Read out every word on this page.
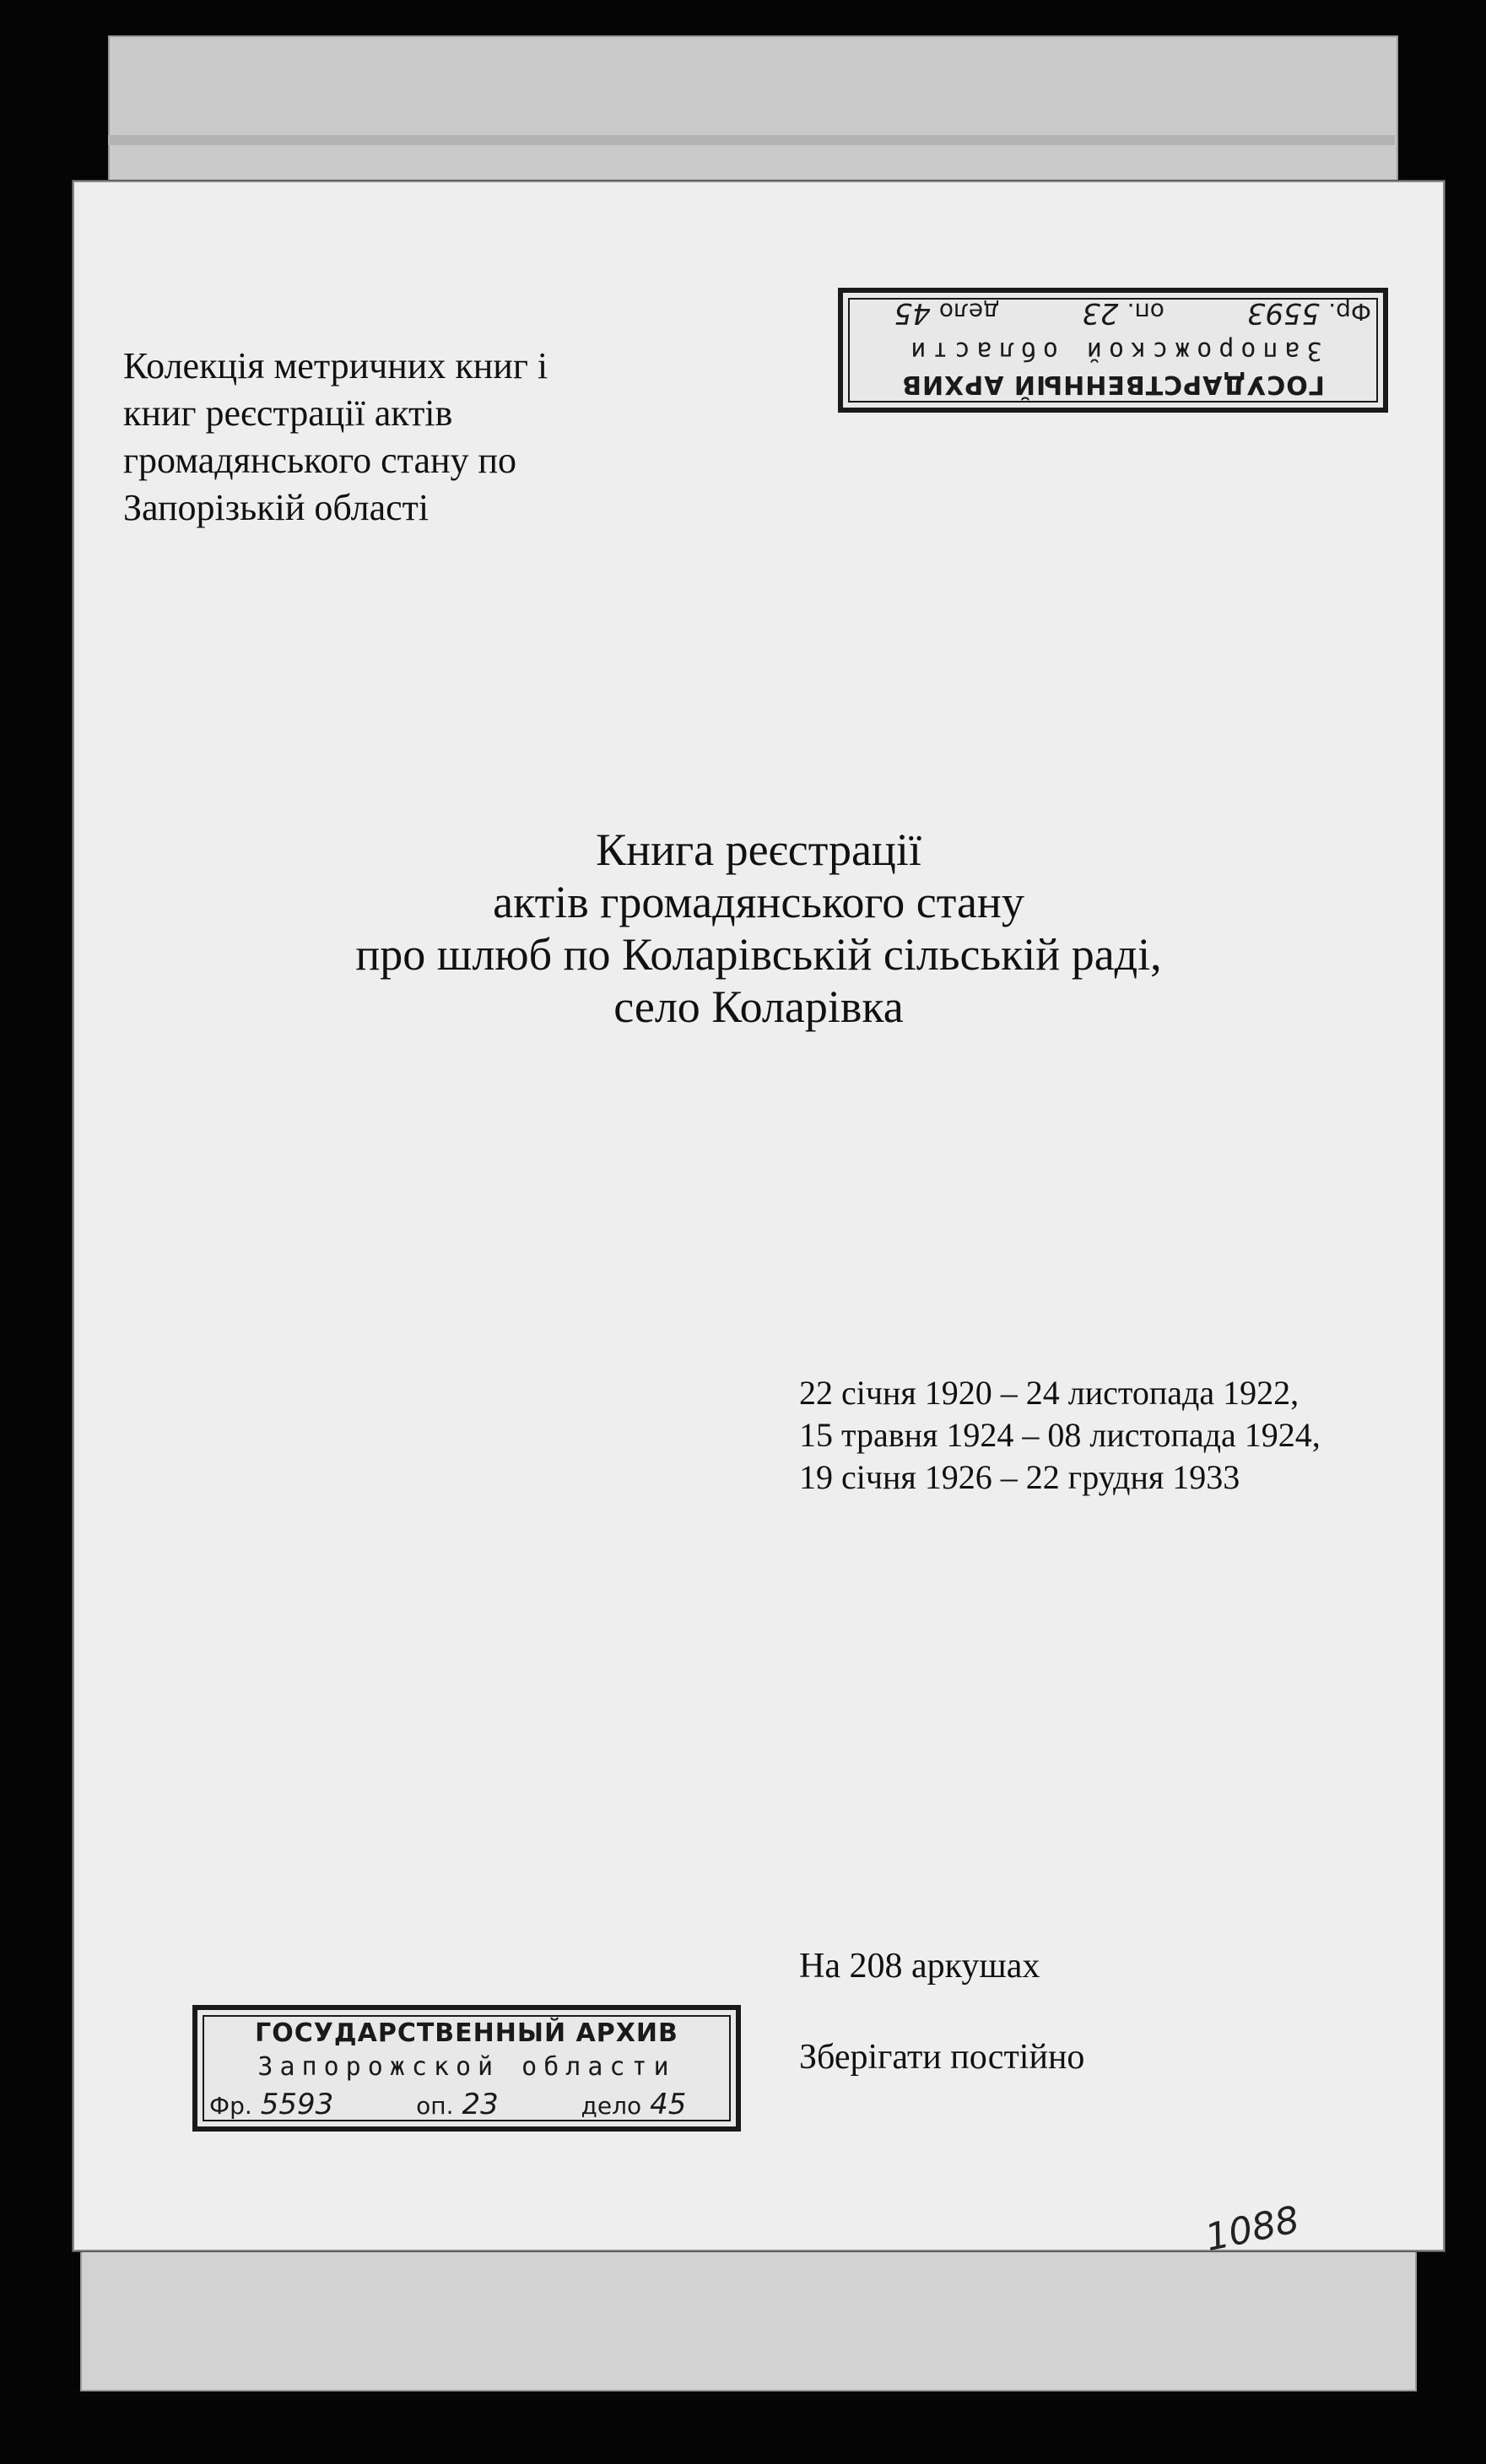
Колекція метричних книг і
книг реєстрації актів
громадянського стану по
Запорізькій області
ГОСУДАРСТВЕННЫЙ АРХИВ
Запорожской области
Фр.5593  оп.23  дело45
Книга реєстрації
актів громадянського стану
про шлюб по Коларівській сільській раді,
село Коларівка
22 січня 1920 – 24 листопада 1922,
15 травня 1924 – 08 листопада 1924,
19 січня 1926 – 22 грудня 1933
На 208 аркушах
Зберігати постійно
ГОСУДАРСТВЕННЫЙ АРХИВ
Запорожской области
Фр. 5593	оп. 23	дело 45
1088
